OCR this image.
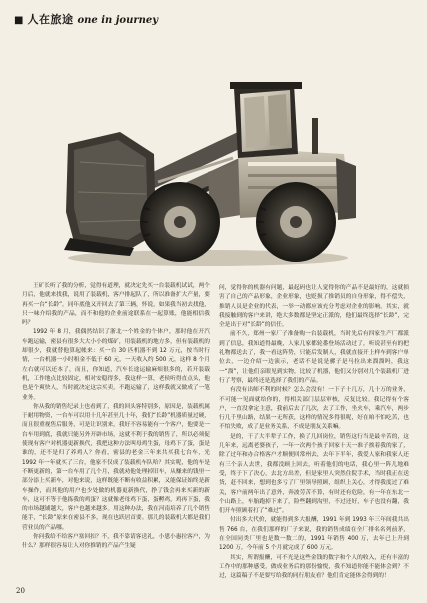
■ 人在旅途 one in journey

王矿长听了我的分析，觉得有道理，就决定先买一台装载机试试，两个月后，他就来找我，说用了装载机，客户排起队了，所以准备扩大产量，要再买一台“长龄”。同年底他又开回去了第三辆，怀说，如果我当初去找他，只一味介绍我的产品，而不和他的企业前途联系在一起算账，他能相信我吗？

1992 年 8 月，我偶然结识了浙北一个姓金的个体户，那时他在开汽车跑运输，密县有很多大大小小的煤矿，用装载机的地方多，但有装载机的却很少，我就替他算起帐来：买一台 30 匹机器不到 12 万元，按当时行情，一台机器一小时租金不低于 60 元，一天收入约 500 元，这样 8 个月左右就可以还本了，而且，你知道，汽车长途运输麻烦很多的，若开装载机，工作地点比较固定，相对安稳得多，我这样一算，老侯听得直点头，他也是个爽快人，当时就决定这宗买卖，不跑运输了，这样我就又做成了一笔业务。

你从我的销售纪录上也看到了，我的回头客特别多，原因是，装载机属于耐用物资，一台车可以用十几年甚至几十年，我们“长龄”机器质量过硬，而且很重视售后服务，可是让识别来，我好不容易能有一个客户，他要是一台车用到底，我就只能另外开辟市场，这就不利于我的销售了，所以必须促使现有客户对机器更新换代，我把这种方法叫母鸡生蛋，母鸡下了蛋，蛋是谁的，还不是归了养鸡人？你看，密县的老金三年来共买我七台车，光 1992 年一年就买了三台，他家不仅成了装载机车队哈？其实呢，他的车是不断更新的，第一台车用了几个月，我就劝他处理掉旧车，从赚来的钱里一部分添上买新车，对他来说，这样既能不断有收益积累，又能保证始终是新车操作，而其他的用户也少处做的机器更新换代，挣了钱会再来买新的新车，这可不等于他拣我的鸡蛋？这就像老母鸡下蛋，蛋孵鸡，鸡再下蛋，我的市场越铺越大，客户也越来越多。用这种办法，我在河南培养了几个销售能手，“长龄”原来在密县不多，现在也跃居首要。那儿的装载机大都是我们营业员的产品哪。

你问我给不给客户塞回扣？不，我不靠请客送礼，小恩小惠拉客户，为什么？那样很容易让人对你推销的产品产生疑

问，觉得你的机器有问题，最起码也让人觉得你的产品不是最好的，这就损害了自己的产品形象，企业形象，也贬损了推销员的自身形象，得不偿失，推销人员是企业的代表，一举一动都应该充分考虑对企业的影响。其实，就我接触到的客户来讲，绝大多数都是坚定正派的，他们最终选择“长龄”，完全是出于对“长龄”的信任。

前不久，郑州一家厂子准备购一台装载机，当时先后有四家生产厂都派到了信息，我知道得最晚，人家几家都轮番登场活动过了，听说甚至有的把礼物都送去了，我一看这阵势，只能后发制人，我就直接开上样车到客户单位去，一边介绍一边演示，老话不是说是骡子是马拉出来溜溜吗，我这一“溜”，让他们亲眼见到实物，比较了机器，他们又分别对几个装载机厂进行了考察，最终还是选择了我们的产品。

有没有出师不利的时候？怎么会没有！一下子十几万，几十万的业务，不可能一见面就给你的，得相关部门层层审核，反复比较。我记得有个客户，一直没拿定主意，我前后去了几次，去了工作，坐火车，乘汽车，两步行几千里山路，结果一无所获，这样的情况多得很呢，好在咱不怕吃苦，也不怕失败，成了是业务关系，不成是朋友关系嘛。

是的，干了大半辈子工作，换了几回岗位，销售这行当是最辛苦的，这几年来，远离老婆孩子，一年一次两个孩子回家十天一准子挨着我的家了，除了过年和办合格客户才顺便回常州去，去年下半年，我爱人家和我家人还有三个亲人去世，我都没顾上回去，听着他们的电话，我心里一阵儿地难受，终于下了决心，去北方出差，但是家里人突然住院手术，当时我正在送货，赶不回来，想到也多亏了厂里领导照顾，组织上关心，才得我度过了难关，客户前两年出了意外，奔波劳苦不算，有时还有危险，有一年在东北一个山路上，车胎跑掉下来了，险些翻到沟里，不过还好，车子也没有翻，我们开车照顾着打了“难过”。

付出多大代价，就能得到多大报酬，1991 年到 1993 年三年间我共出售 766 台，在我们那样的厂子来说，我的销售成绩在全厂排名名列前茅，在全国同类厂里也是数一数二的，1991 年销售 400 万，去年已上升到 1200 万，今年前 5 个月就完成了 600 万元。

其实，所谓报酬，可不光是这些金钱的数字和个人的收入，还有丰富的工作中的那种感受，做成业务后的那份愉悦，我不知道你能不能体会到？不过，这篇稿子不是要写给我的同行朋友看？他们肯定能体会得到的！

20
